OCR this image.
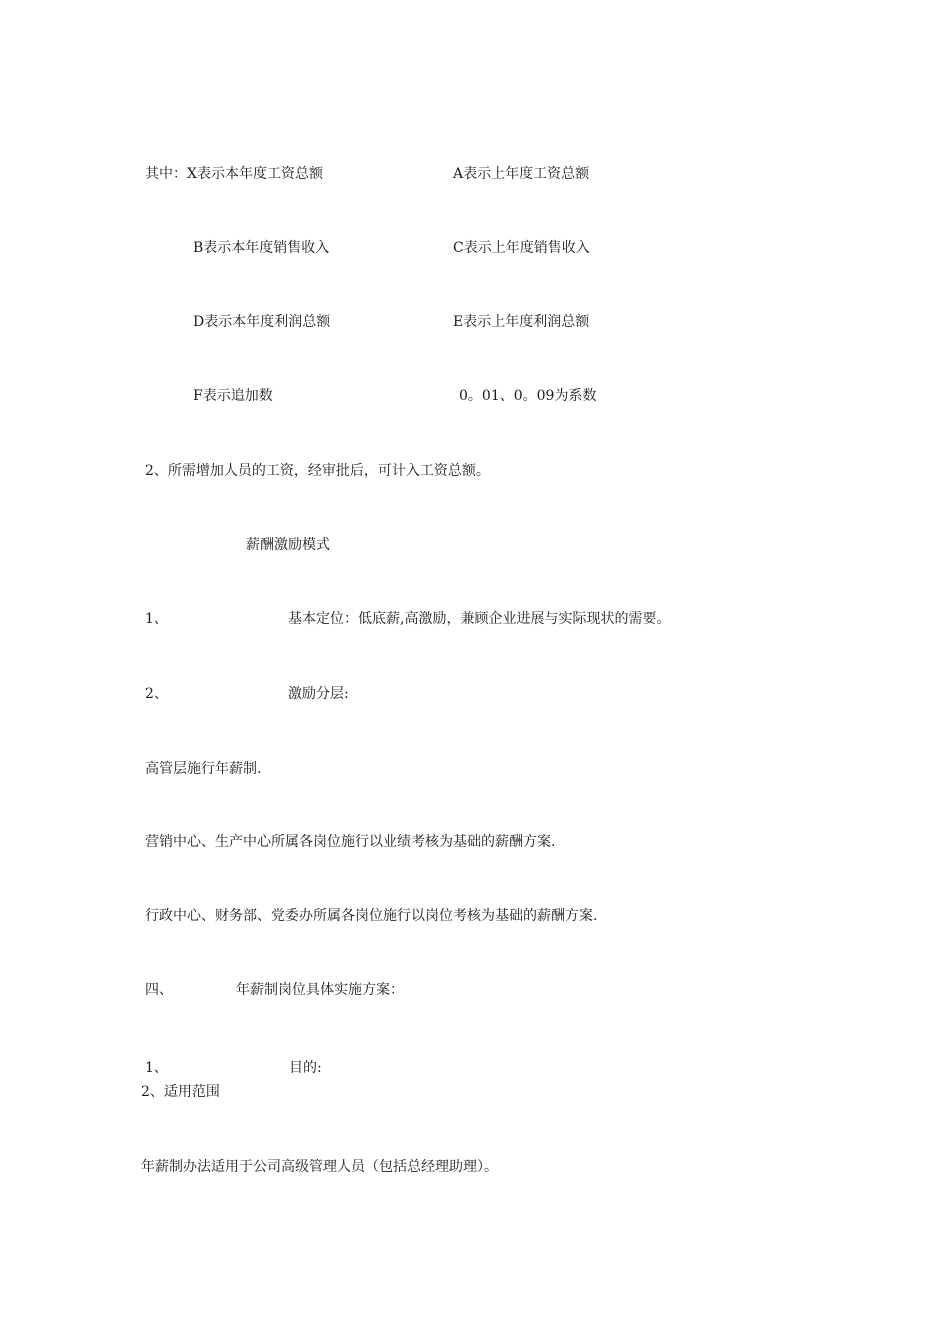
其中：X表示本年度工资总额	A表示上年度工资总额
B表示本年度销售收入	C表示上年度销售收入
D表示本年度利润总额	E表示上年度利润总额
F表示追加数	0。01、0。09为系数
2、所需增加人员的工资，经审批后，可计入工资总额。
薪酬激励模式
1、	基本定位：低底薪,高激励，兼顾企业进展与实际现状的需要。
2、	激励分层:
高管层施行年薪制.
营销中心、生产中心所属各岗位施行以业绩考核为基础的薪酬方案.
行政中心、财务部、党委办所属各岗位施行以岗位考核为基础的薪酬方案.
四、	年薪制岗位具体实施方案：
1、	目的:
2、适用范围
年薪制办法适用于公司高级管理人员（包括总经理助理）。
